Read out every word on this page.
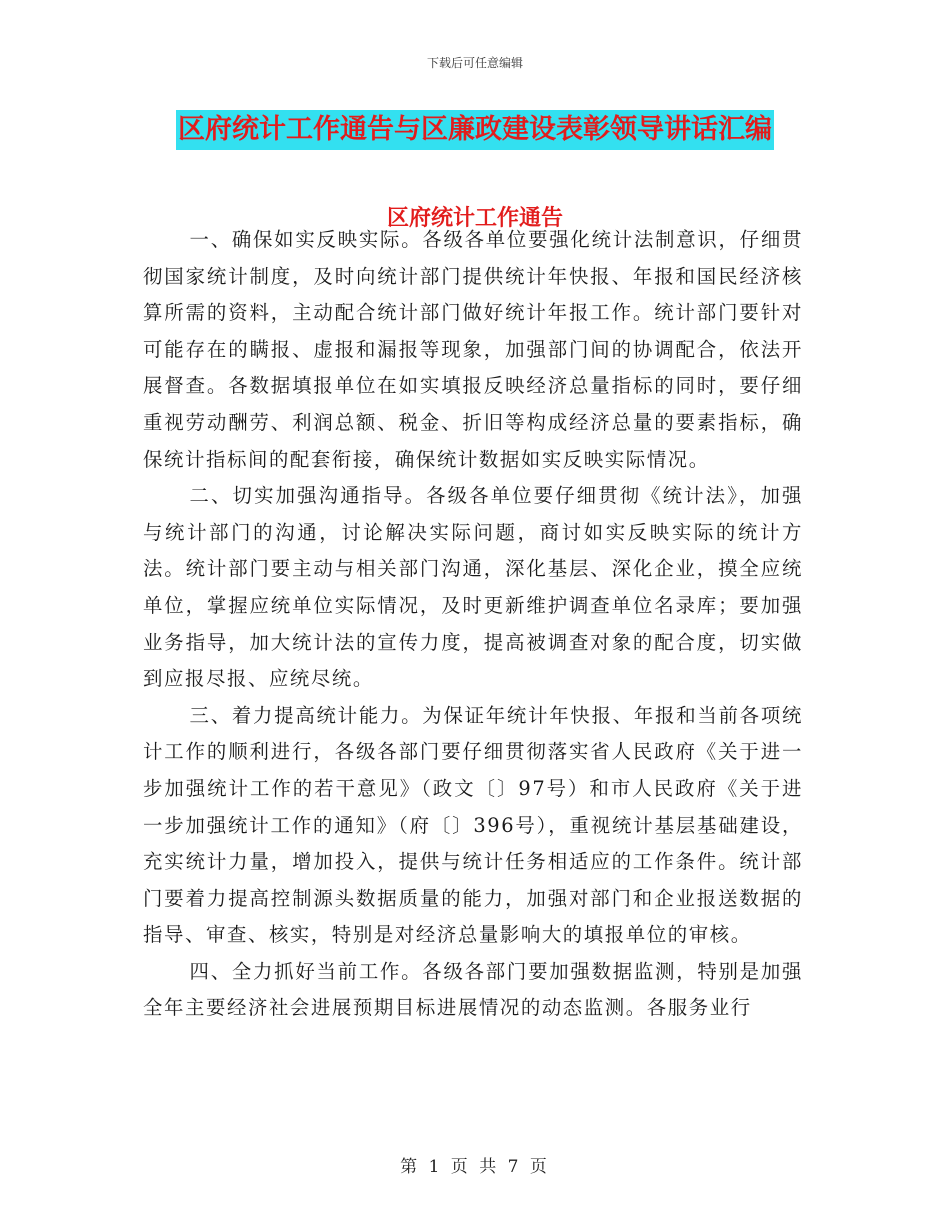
下载后可任意编辑
区府统计工作通告与区廉政建设表彰领导讲话汇编
区府统计工作通告

一、确保如实反映实际。各级各单位要强化统计法制意识，仔细贯彻国家统计制度，及时向统计部门提供统计年快报、年报和国民经济核算所需的资料，主动配合统计部门做好统计年报工作。统计部门要针对可能存在的瞒报、虚报和漏报等现象，加强部门间的协调配合，依法开展督查。各数据填报单位在如实填报反映经济总量指标的同时，要仔细重视劳动酬劳、利润总额、税金、折旧等构成经济总量的要素指标，确保统计指标间的配套衔接，确保统计数据如实反映实际情况。

二、切实加强沟通指导。各级各单位要仔细贯彻《统计法》，加强与统计部门的沟通，讨论解决实际问题，商讨如实反映实际的统计方法。统计部门要主动与相关部门沟通，深化基层、深化企业，摸全应统单位，掌握应统单位实际情况，及时更新维护调查单位名录库；要加强业务指导，加大统计法的宣传力度，提高被调查对象的配合度，切实做到应报尽报、应统尽统。

三、着力提高统计能力。为保证年统计年快报、年报和当前各项统计工作的顺利进行，各级各部门要仔细贯彻落实省人民政府《关于进一步加强统计工作的若干意见》（政文〔〕97号）和市人民政府《关于进一步加强统计工作的通知》（府〔〕396号），重视统计基层基础建设，充实统计力量，增加投入，提供与统计任务相适应的工作条件。统计部门要着力提高控制源头数据质量的能力，加强对部门和企业报送数据的指导、审查、核实，特别是对经济总量影响大的填报单位的审核。

四、全力抓好当前工作。各级各部门要加强数据监测，特别是加强全年主要经济社会进展预期目标进展情况的动态监测。各服务业行

第 1 页 共 7 页
